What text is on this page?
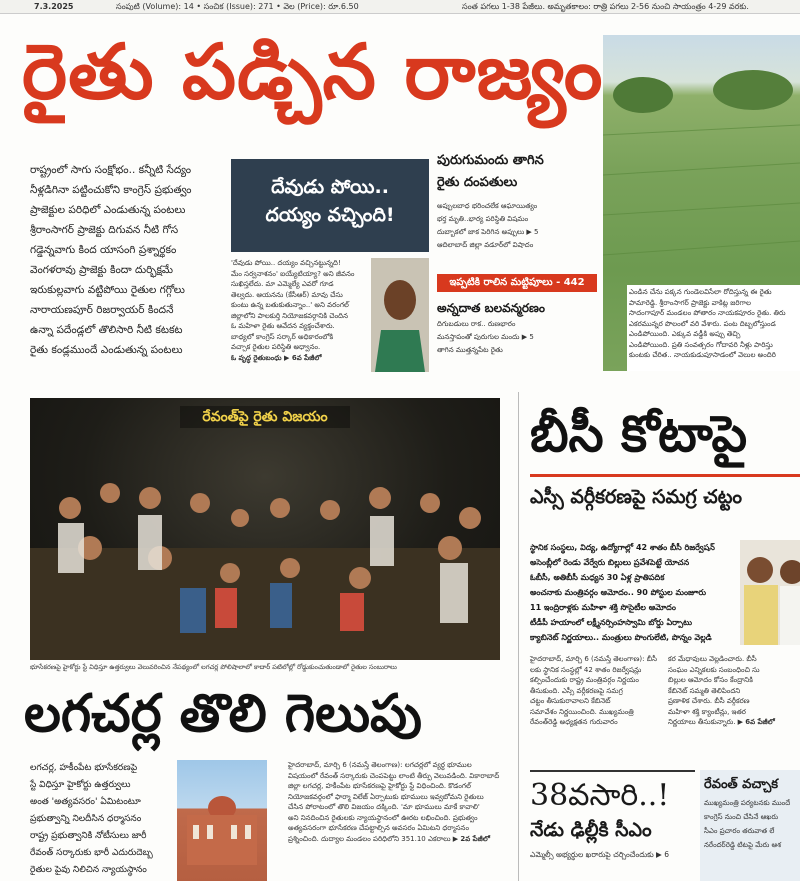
7.3.2025	సంపుటి (Volume): 14 • సంచిక (Issue): 271 • వెల (Price): రూ.6.50	సంత పగలు 1-38 పేజీలు. అమృతకాలం: రాత్రి పగలు 2-56 నుంచి సాయంత్రం 4-29 వరకు.
రైతు పడ్చిన రాజ్యం
ఎండిన చేను పక్కన గుండెలవిసేలా రోదిస్తున్న ఈ రైతు
పామారెడ్డి. శ్రీరాంసాగర్ ప్రాజెక్టు వాకిట్ల జరిగాల
సాదంగాపూర్ మండలం పోతారం నాయకపూరం రైతు. తిరు
ఎకరమున్నర పొలంలో వరి వేశారు. పంట దిబ్బలోస్తుండ
ఎండిపోయింది. ఎక్కువ వడ్డీకి అప్పు తెచ్చి
ఎండిపోయింది. ప్రతి సంవత్సరం గోదావరి నీళ్లు పారిస్తు
కుంటకు చేరిత.. నాయకుడుపూసాడంలో వెలుల అందిరి
రాష్ట్రంలో సాగు సంక్షోభం.. కన్నీటి సేద్యం
నీళ్లడిగినా పట్టించుకోని కాంగ్రెస్ ప్రభుత్వం
ప్రాజెక్టుల పరిధిలో ఎండుతున్న పంటలు
శ్రీరాంసాగర్ ప్రాజెక్టు దిగువన నీటి గోస
గడ్డెన్నవాగు కింద యాసంగి ప్రశ్నార్థకం
వెంగళరావు ప్రాజెక్టు కిందా దుర్భిక్షమే
ఇరుకుల్లవాగు వట్టిపోయి రైతుల గగ్గోలు
నారాయణపూర్ రిజర్వాయర్ కిందనే
ఉన్నా పదేండ్లలో తొలిసారి నీటి కటకట
రైతు కండ్లముందే ఎండుతున్న పంటలు
దేవుడు పోయి..
దయ్యం వచ్చింది!
'దేవుడు పోయి.. దయ్యం వచ్చినట్టున్నది!
మేం సర్వనాశనం' ఐయ్యేటియ్యా? అని జీవనం
సుఖిస్తలేదు. మా ఎమ్మెల్యే ఎవరో గూడ
తెల్వదు. ఆయనను (కేసీఆర్) మావు చేసు
కుంటు ఉన్న బతుకుతున్నాం..' అని వరంగల్
జిల్లాలోని పాలకుర్తి నియోజకవర్గానికి చెందిన
ఓ మహిళా రైతు ఆవేదన వ్యక్తంచేశారు.
బాధ్యలో కాంగ్రెస్ సర్కార్ అధికారంలోకి
వచ్చాక రైతుల పరిస్థితి అధ్వానం.
ఓ వృద్ధ రైతుబంధు ▶ 6వ పేజీలో
పురుగుమందు తాగిన
రైతు దంపతులు
అప్పులబాధ భరించలేక ఆఘాయిత్యం
భర్త మృతి..భార్య పరిస్థితి విషమం
దుబ్బాకలో జాక పెరిగిన అప్పులు ▶ 5
ఆదిలాబాద్ జిల్లా వడూర్‌లో విషాదం
ఇప్పటికి రాలిన మట్టిపూలు - 442
అన్నదాత బలవన్మరణం
దిగుబడులు రాక.. రుణభారం
మనస్తాపంతో పురుగుల మందు ▶ 5
తాగిన ముత్తన్నపేట రైతు
రేవంత్‌పై రైతు విజయం
భూసేకరణపై హైకోర్టు స్టే విధిస్తూ ఉత్తర్వులు వెలువరించిన నేపథ్యంలో లగచర్ల పోలిషాలాలో కాదార్ పటిలోల్లో రోడ్డుకుంచుతుండాలో రైతుల సంబురాలు
లగచర్ల తొలి గెలుపు
లగచర్ల, హకీంపేట భూసేకరణపై
స్టే విధిస్తూ హైకోర్టు ఉత్తర్వులు
అంత 'అత్యవసరం' ఏమిటంటూ
ప్రభుత్వాన్ని నిలదీసిన ధర్మాసనం
రాష్ట్ర ప్రభుత్వానికి నోటీసులు జారీ
రేవంత్ సర్కారుకు భారీ ఎదురుదెబ్బ
రైతుల పైవు నిలిచిన న్యాయస్థానం
హైదరాబాద్, మార్చి 6 (నమస్తే తెలంగాణ): లగచర్లలో వ్యర్థ భూముల
విషయంలో రేవంత్ సర్కారుకు చెంపపెట్టు లాంటి తీర్పు వెలువడింది. వికారాబాద్
జిల్లా లగచర్ల, హకీంపేట భూసేకరణపై హైకోర్టు స్టే విధించింది. కొడంగల్
నియోజకవర్గంలో ఫార్మా విలేజ్ ఏర్పాటుకు భూములు ఇవ్వబోమని రైతులు
చేసిన పోరాటంలో తొలి విజయం దక్కింది. 'మా భూములు మాకే కావాలి'
అని నినదించిన రైతులకు న్యాయస్థానంలో ఊరట లభించింది. ప్రభుత్వం
అత్యవసరంగా భూసేకరణ చేపట్టాల్సిన అవసరం ఏమిటని ధర్మాసనం
ప్రశ్నించింది. దుద్యాల మండలం పరిధిలోని 351.10 ఎకరాలు ▶ 2వ పేజీలో
బీసీ కోటాపై
ఎస్సీ వర్గీకరణపై సమగ్ర చట్టం
స్థానిక సంస్థలు, విద్య, ఉద్యోగాల్లో 42 శాతం బీసీ రిజర్వేషన్
అసెంబ్లీలో రెండు వేర్వేరు బిల్లులు ప్రవేశపెట్టే యోచన
ఓబీసీ, అతిబీసీ మధ్యన 30 ఏళ్ల ప్రాతిపదిక
అంచనాకు మంత్రివర్గం ఆమోదం.. 90 పోస్టుల మంజూరు
11 ఇంద్రిరాళ్లకు మహిళా శక్తి సొసైటీల ఆమోదం
టీడీపీ హయాంలో లక్ష్మీనర్సింహస్వామి బోర్డు ఏర్పాటు
క్యాబినెట్ నిర్ణయాలు.. మంత్రులు పొంగులేటి, పొన్నం వెల్లడి
హైదరాబాద్, మార్చి 6 (నమస్తే తెలంగాణ): బీసీ
లకు స్థానిక సంస్థల్లో 42 శాతం రిజర్వేషన్లు
కల్పించేందుకు రాష్ట్ర మంత్రివర్గం నిర్ణయం
తీసుకుంది. ఎస్సీ వర్గీకరణపై సమగ్ర
చట్టం తీసుకురావాలని కేబినెట్
సమావేశం నిర్ణయించింది. ముఖ్యమంత్రి
రేవంత్‌రెడ్డి అధ్యక్షతన గురువారం
కర మేధావులు వెల్లడించారు. బీసీ
సంఘం ఎన్నికలకు సంబంధించి సు
బిల్లుల ఆమోదం కోసం కేంద్రానికి
కేబినెట్ సమ్మతి తెలిపిందని
ప్రణాళిక చేశారు. బీసీ వర్గీకరణ
మహిళా శక్తి క్యాంటీన్లు, ఇతర
నిర్ణయాలు తీసుకున్నారు. ▶ 6వ పేజీలో
38వసారి..!
నేడు ఢిల్లీకి సీఎం
ఎమ్మెల్సీ అభ్యర్థుల ఖరారుపై చర్చించేందుకు ▶ 6
రేవంత్ వచ్చాక
ముఖ్యమంత్రి పర్యటనకు ముందే
కాంగ్రెస్ నుంచి చేసినే ఆఖరు
సీఎం ప్రచారం తరువాత లే
నరేందర్‌రెడ్డి టిటపై మేరు ఆశ
